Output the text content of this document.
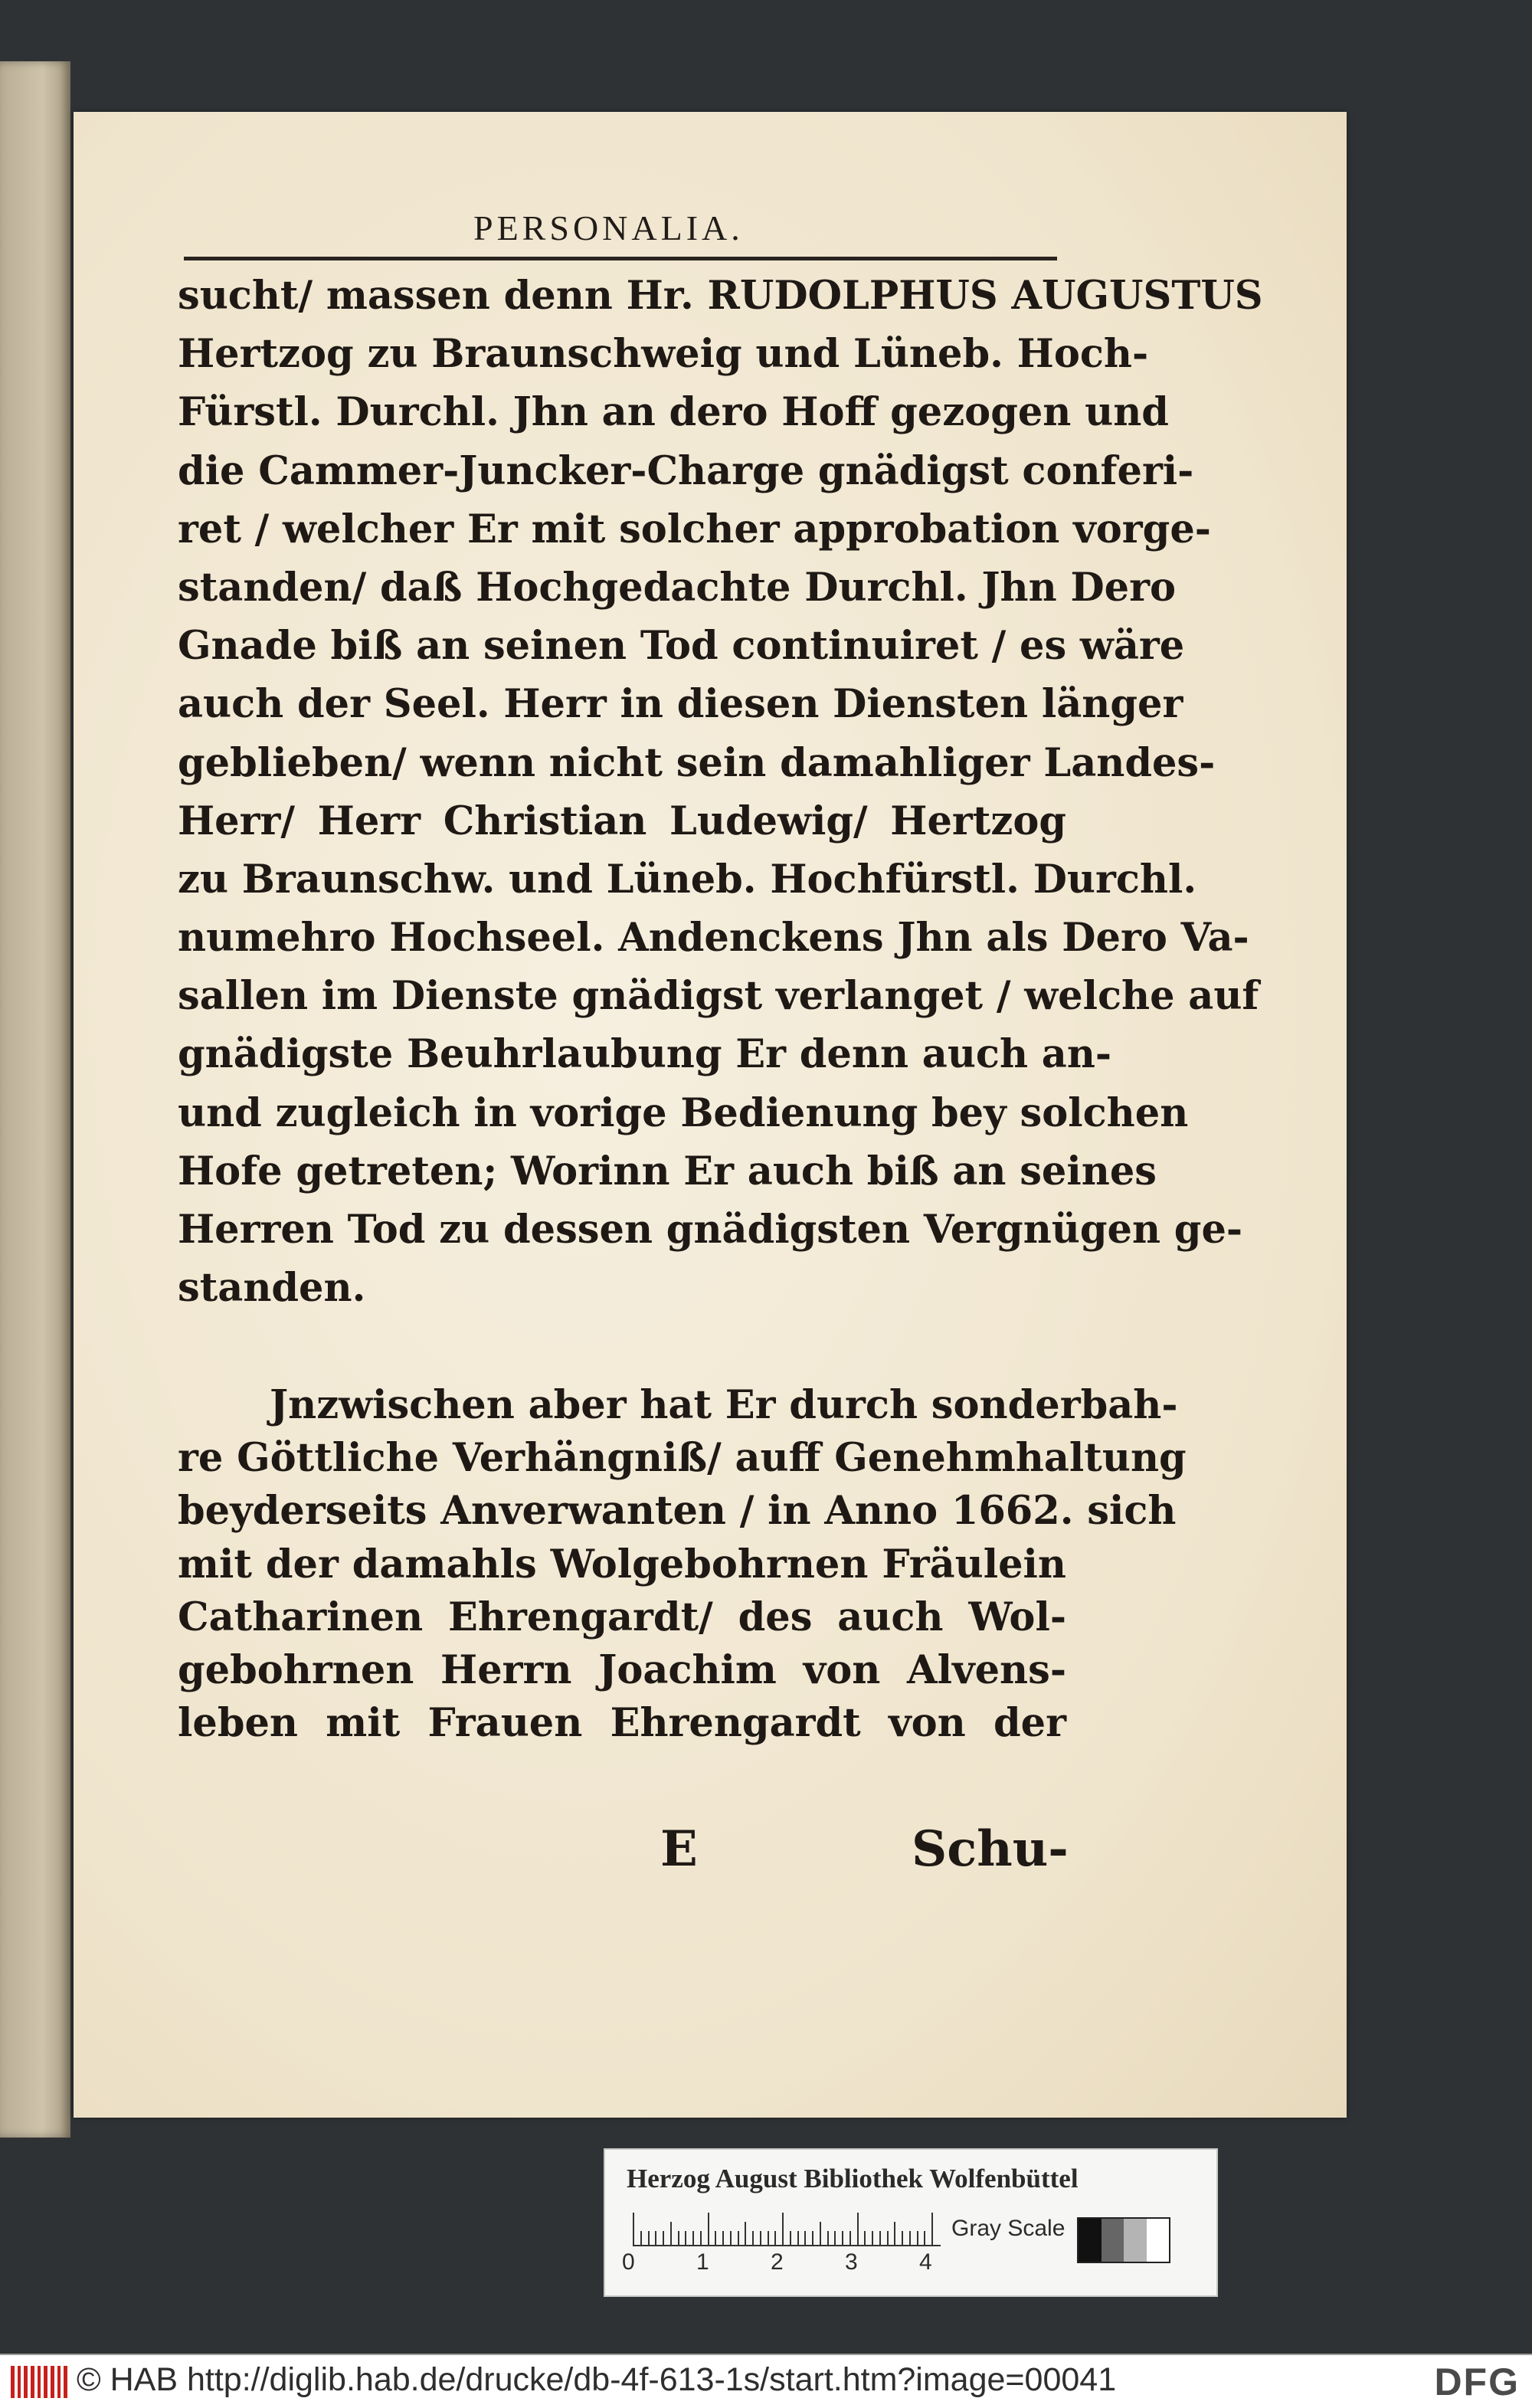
PERSONALIA.
sucht/ massen denn Hr. RUDOLPHUS AUGUSTUS
Hertzog zu Braunschweig und Lüneb. Hoch-
Fürstl. Durchl. Jhn an dero Hoff gezogen und
die Cammer-Juncker-Charge gnädigst conferi-
ret / welcher Er mit solcher approbation vorge-
standen/ daß Hochgedachte Durchl. Jhn Dero
Gnade biß an seinen Tod continuiret / es wäre
auch der Seel. Herr in diesen Diensten länger
geblieben/ wenn nicht sein damahliger Landes-
Herr/ Herr Christian Ludewig/ Hertzog
zu Braunschw. und Lüneb. Hochfürstl. Durchl.
numehro Hochseel. Andenckens Jhn als Dero Va-
sallen im Dienste gnädigst verlanget / welche auf
gnädigste Beuhrlaubung Er denn auch an-
und zugleich in vorige Bedienung bey solchen
Hofe getreten; Worinn Er auch biß an seines
Herren Tod zu dessen gnädigsten Vergnügen ge-
standen.
Jnzwischen aber hat Er durch sonderbah-
re Göttliche Verhängniß/ auff Genehmhaltung
beyderseits Anverwanten / in Anno 1662. sich
mit der damahls Wolgebohrnen Fräulein
Catharinen Ehrengardt/ des auch Wol-
gebohrnen Herrn Joachim von Alvens-
leben mit Frauen Ehrengardt von der
E	Schu-
Herzog August Bibliothek Wolfenbüttel
0	1	2	3	4
Gray Scale
© HAB http://diglib.hab.de/drucke/db-4f-613-1s/start.htm?image=00041	DFG
